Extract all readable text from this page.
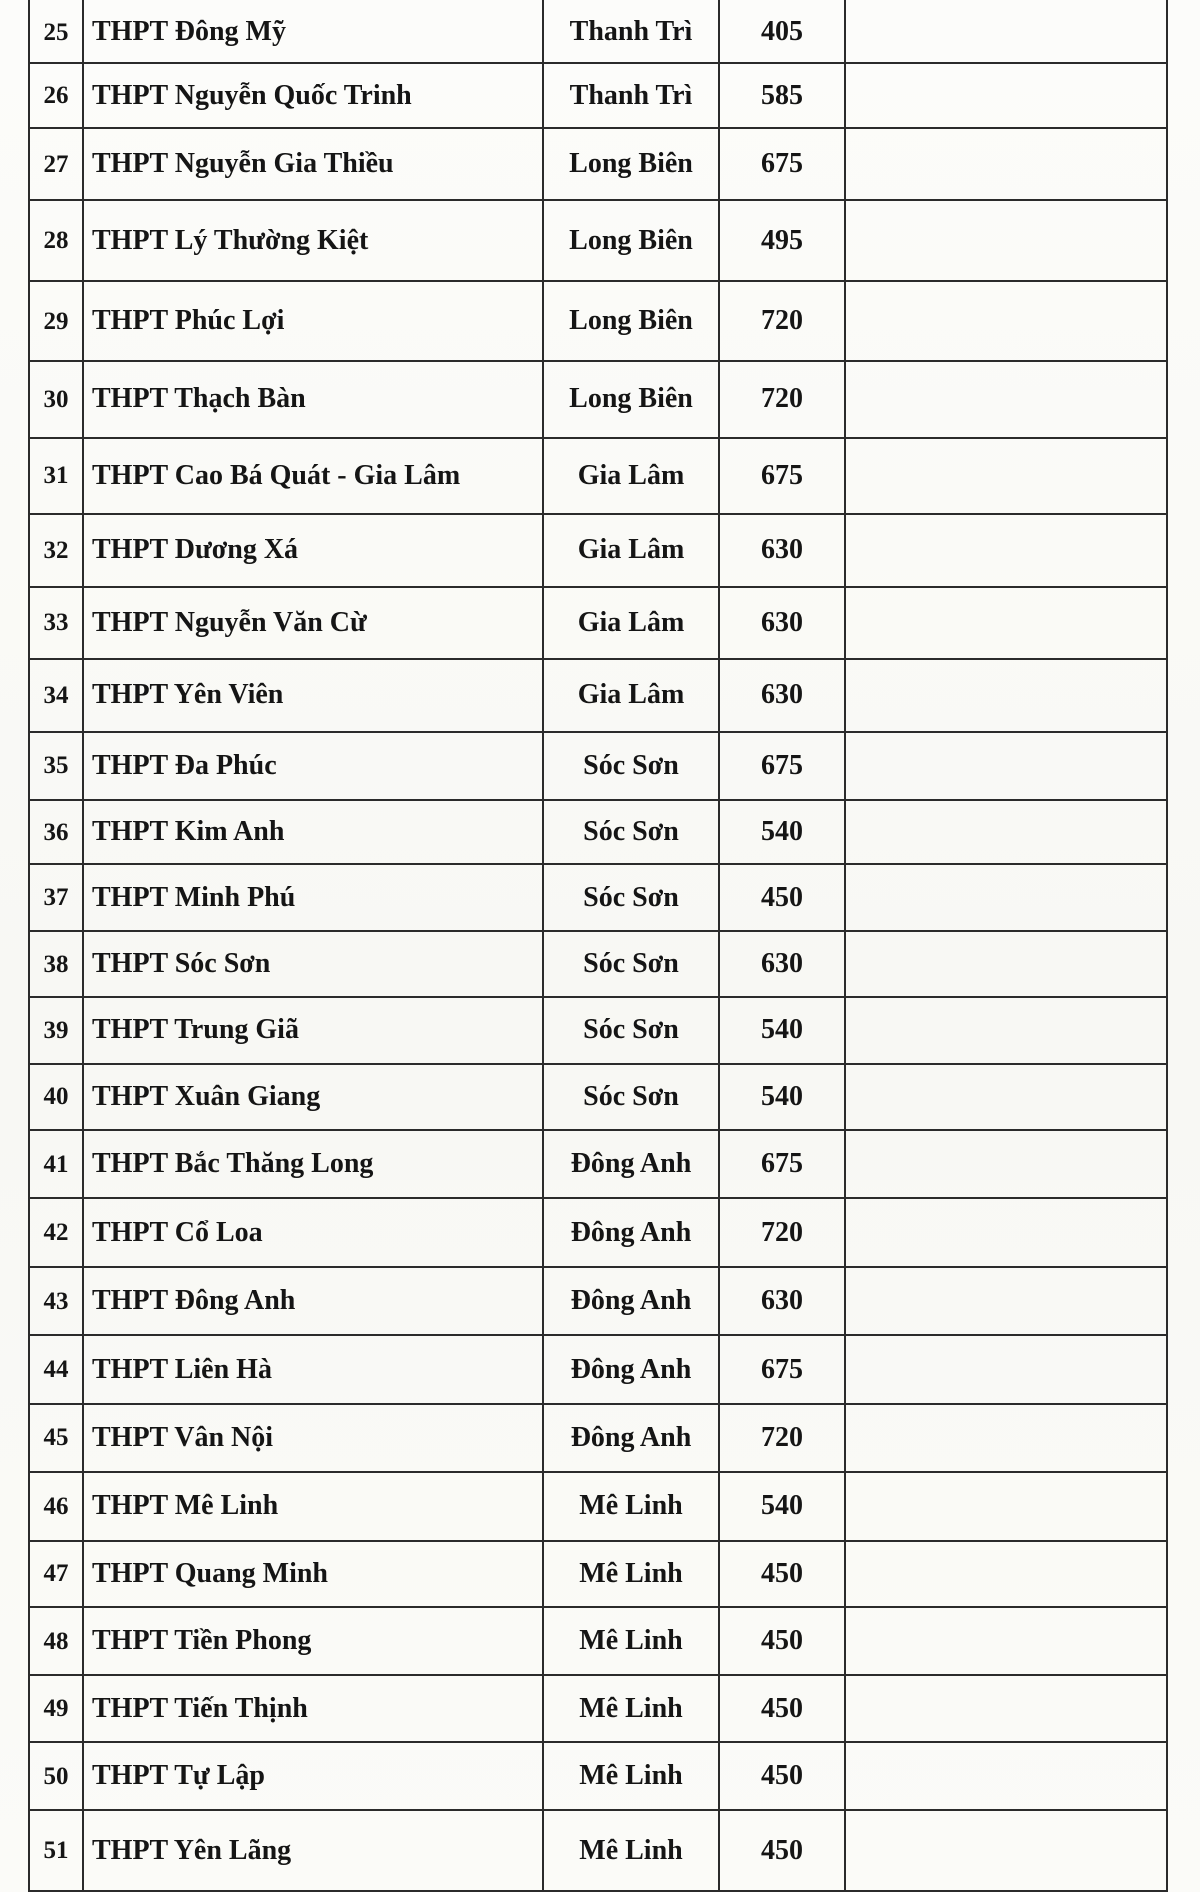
25	THPT Đông Mỹ	Thanh Trì	405	
26	THPT Nguyễn Quốc Trinh	Thanh Trì	585	
27	THPT Nguyễn Gia Thiều	Long Biên	675	
28	THPT Lý Thường Kiệt	Long Biên	495	
29	THPT Phúc Lợi	Long Biên	720	
30	THPT Thạch Bàn	Long Biên	720	
31	THPT Cao Bá Quát - Gia Lâm	Gia Lâm	675	
32	THPT Dương Xá	Gia Lâm	630	
33	THPT Nguyễn Văn Cừ	Gia Lâm	630	
34	THPT Yên Viên	Gia Lâm	630	
35	THPT Đa Phúc	Sóc Sơn	675	
36	THPT Kim Anh	Sóc Sơn	540	
37	THPT Minh Phú	Sóc Sơn	450	
38	THPT Sóc Sơn	Sóc Sơn	630	
39	THPT Trung Giã	Sóc Sơn	540	
40	THPT Xuân Giang	Sóc Sơn	540	
41	THPT Bắc Thăng Long	Đông Anh	675	
42	THPT Cổ Loa	Đông Anh	720	
43	THPT Đông Anh	Đông Anh	630	
44	THPT Liên Hà	Đông Anh	675	
45	THPT Vân Nội	Đông Anh	720	
46	THPT Mê Linh	Mê Linh	540	
47	THPT Quang Minh	Mê Linh	450	
48	THPT Tiền Phong	Mê Linh	450	
49	THPT Tiến Thịnh	Mê Linh	450	
50	THPT Tự Lập	Mê Linh	450	
51	THPT Yên Lãng	Mê Linh	450	
